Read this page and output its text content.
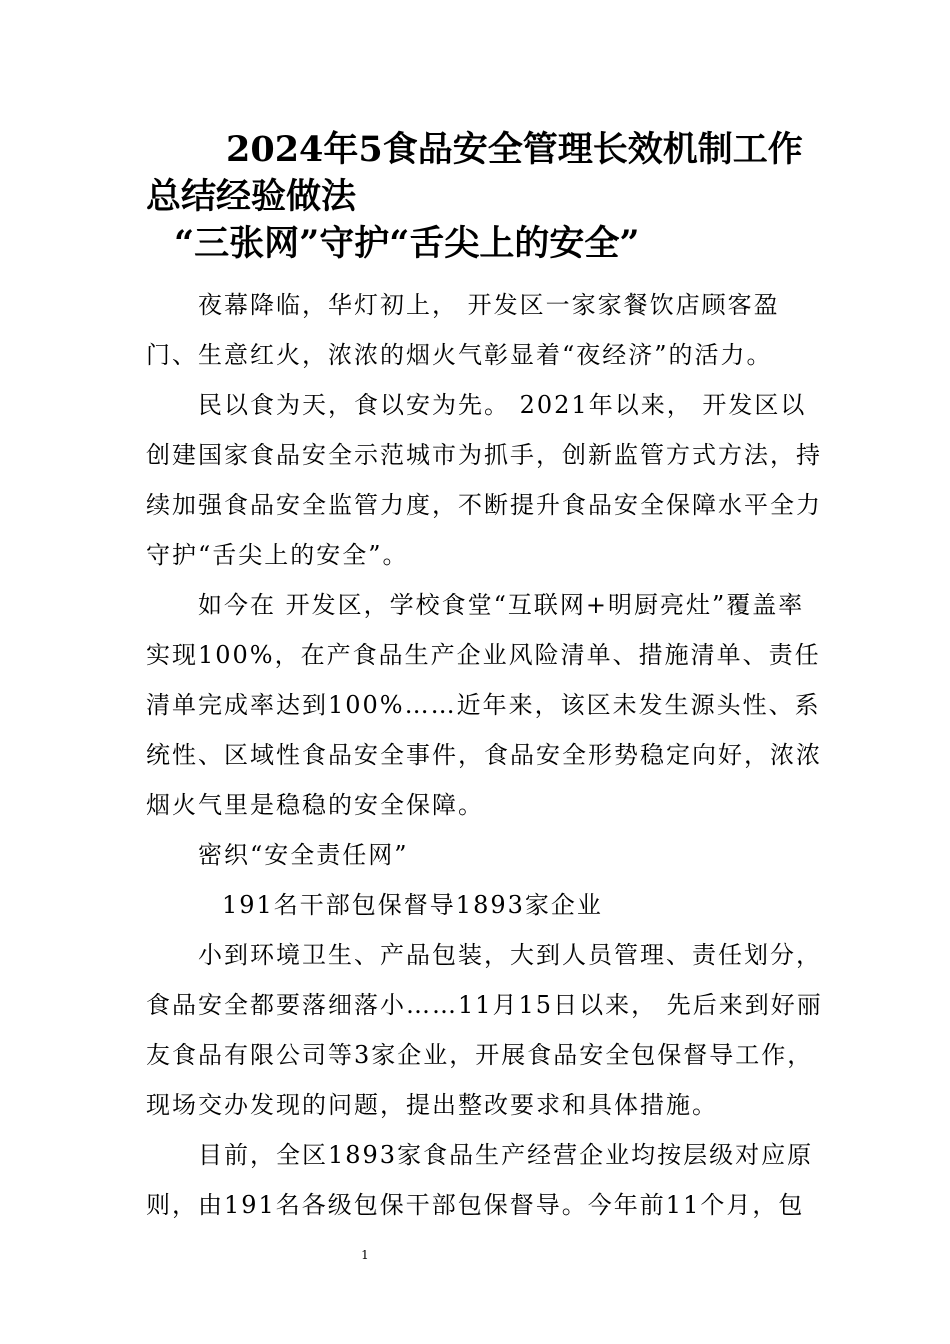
2024年5食品安全管理长效机制工作
总结经验做法
“三张网”守护“舌尖上的安全”

夜幕降临，华灯初上， 开发区一家家餐饮店顾客盈门、生意红火，浓浓的烟火气彰显着“夜经济”的活力。

民以食为天，食以安为先。 2021年以来， 开发区以创建国家食品安全示范城市为抓手，创新监管方式方法，持续加强食品安全监管力度，不断提升食品安全保障水平全力守护“舌尖上的安全”。

如今在 开发区，学校食堂“互联网+明厨亮灶”覆盖率实现100%，在产食品生产企业风险清单、措施清单、责任清单完成率达到100%……近年来，该区未发生源头性、系统性、区域性食品安全事件，食品安全形势稳定向好，浓浓烟火气里是稳稳的安全保障。

密织“安全责任网”

191名干部包保督导1893家企业

小到环境卫生、产品包装，大到人员管理、责任划分，食品安全都要落细落小……11月15日以来， 先后来到好丽友食品有限公司等3家企业，开展食品安全包保督导工作，现场交办发现的问题，提出整改要求和具体措施。

目前，全区1893家食品生产经营企业均按层级对应原则，由191名各级包保干部包保督导。今年前11个月，包

1
